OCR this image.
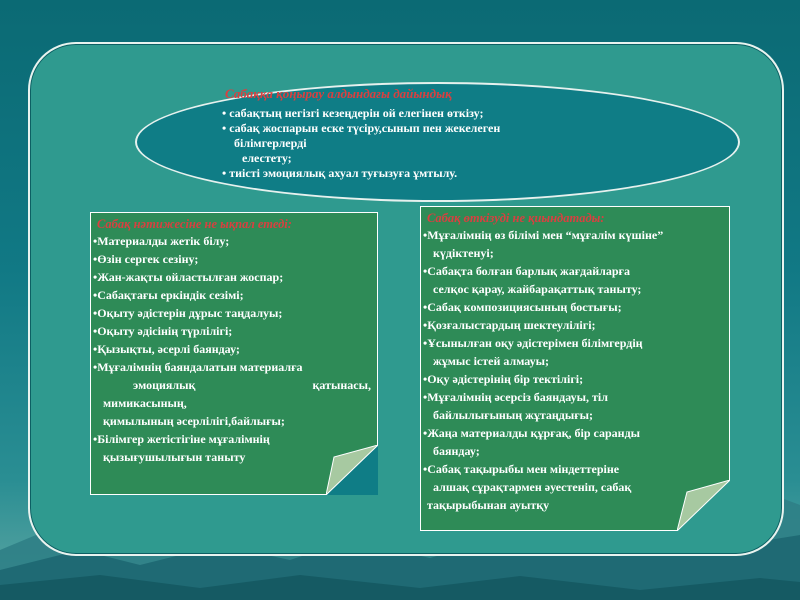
Сабаққа қоңырау алдындағы дайындық
• сабақтың негізгі кезеңдерін ой елегінен өткізу;
• сабақ жоспарын еске түсіру,сынып пен жекелеген
білімгерлерді
елестету;
• тиісті эмоциялық ахуал туғызуға ұмтылу.
Сабақ нәтижесіне не ықпал етеді:
•Материалды жетік білу;
•Өзін сергек сезіну;
•Жан-жақты ойластылған жоспар;
•Сабақтағы еркіндік сезімі;
•Оқыту әдістерін дұрыс таңдалуы;
•Оқыту әдісінің түрлілігі;
•Қызықты, әсерлі баяндау;
•Мұғалімнің баяндалатын материалға
эмоциялық қатынасы,
мимикасының,
қимылының әсерлілігі,байлығы;
•Білімгер жетістігіне мұғалімнің
қызығушылығын таныту
Сабақ өткізуді не қиындатады:
•Мұғалімнің өз білімі мен “мұғалім күшіне”
күдіктенуі;
•Сабақта болған барлық жағдайларға
селқос қарау, жайбарақаттық таныту;
•Сабақ композициясының бостығы;
•Қозғалыстардың шектеулілігі;
•Ұсынылған оқу әдістерімен білімгердің
жұмыс істей алмауы;
•Оқу әдістерінің бір тектілігі;
•Мұғалімнің әсерсіз баяндауы, тіл
байлылығының жұтаңдығы;
•Жаңа материалды құрғақ, бір саранды
баяндау;
•Сабақ тақырыбы мен міндеттеріне
алшақ сұрақтармен әуестеніп, сабақ
тақырыбынан ауытқу
